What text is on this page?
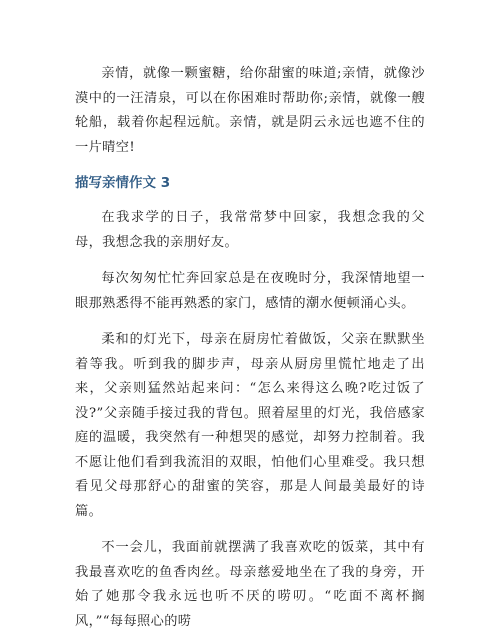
亲情，就像一颗蜜糖，给你甜蜜的味道;亲情，就像沙漠中的一汪清泉，可以在你困难时帮助你;亲情，就像一艘轮船，载着你起程远航。亲情，就是阴云永远也遮不住的一片晴空!

描写亲情作文 3

在我求学的日子，我常常梦中回家，我想念我的父母，我想念我的亲朋好友。

每次匆匆忙忙奔回家总是在夜晚时分，我深情地望一眼那熟悉得不能再熟悉的家门，感情的潮水便顿涌心头。

柔和的灯光下，母亲在厨房忙着做饭，父亲在默默坐着等我。听到我的脚步声，母亲从厨房里慌忙地走了出来，父亲则猛然站起来问：“怎么来得这么晚?吃过饭了没?”父亲随手接过我的背包。照着屋里的灯光，我倍感家庭的温暖，我突然有一种想哭的感觉，却努力控制着。我不愿让他们看到我流泪的双眼，怕他们心里难受。我只想看见父母那舒心的甜蜜的笑容，那是人间最美最好的诗篇。

不一会儿，我面前就摆满了我喜欢吃的饭菜，其中有我最喜欢吃的鱼香肉丝。母亲慈爱地坐在了我的身旁，开始了她那令我永远也听不厌的唠叨。“吃面不离杯搁风，”“每每照心的唠
